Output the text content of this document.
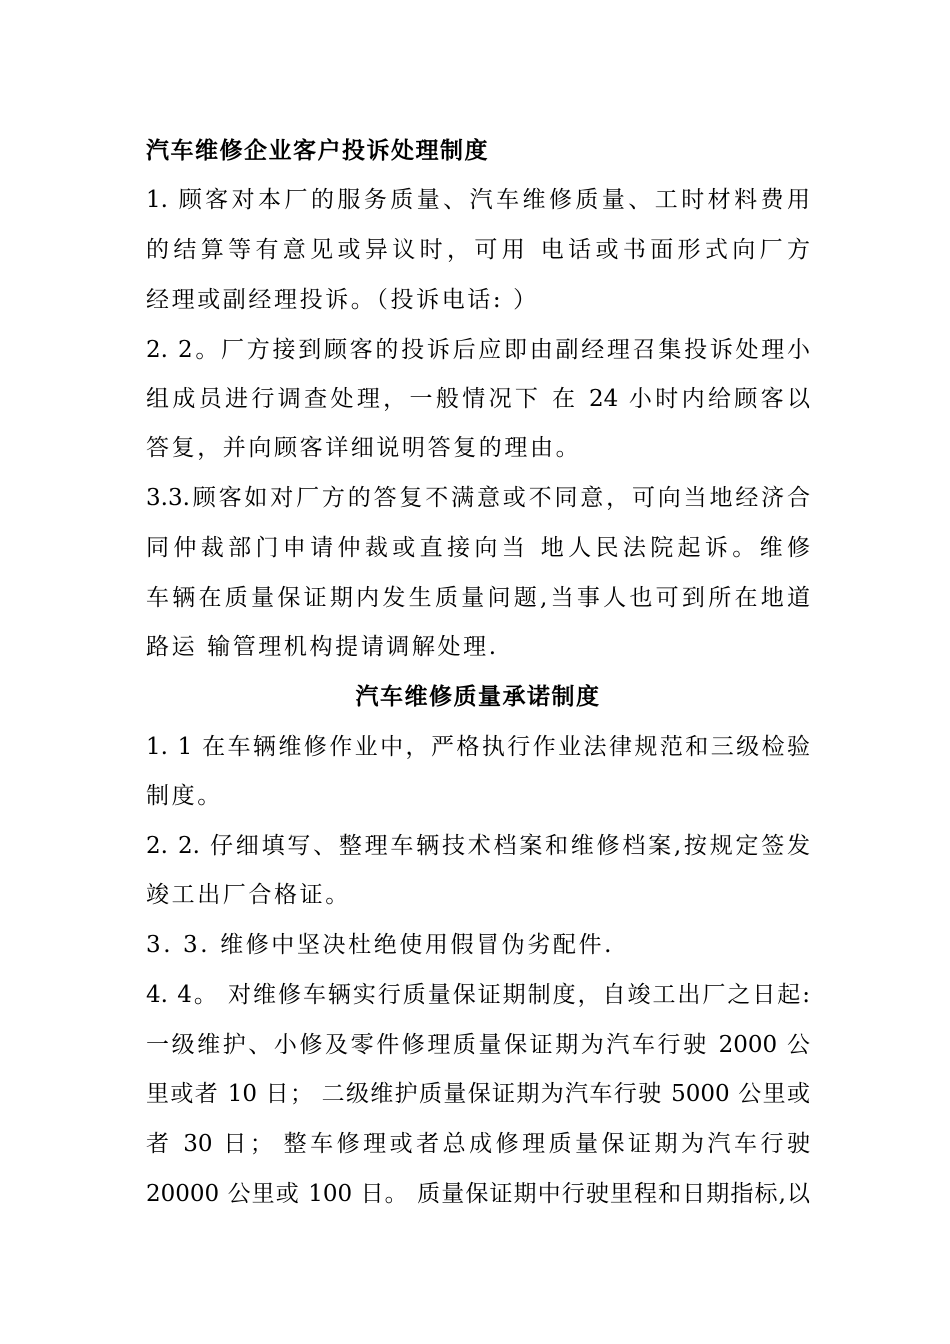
汽车维修企业客户投诉处理制度
1. 顾客对本厂的服务质量、汽车维修质量、工时材料费用
的结算等有意见或异议时，可用 电话或书面形式向厂方
经理或副经理投诉。（投诉电话: ）
2. 2。厂方接到顾客的投诉后应即由副经理召集投诉处理小
组成员进行调查处理，一般情况下 在 24 小时内给顾客以
答复，并向顾客详细说明答复的理由。
3.3.顾客如对厂方的答复不满意或不同意，可向当地经济合
同仲裁部门申请仲裁或直接向当 地人民法院起诉。维修
车辆在质量保证期内发生质量问题,当事人也可到所在地道
路运 输管理机构提请调解处理.
汽车维修质量承诺制度
1. 1 在车辆维修作业中，严格执行作业法律规范和三级检验
制度。
2. 2. 仔细填写、整理车辆技术档案和维修档案,按规定签发
竣工出厂合格证。
3. 3. 维修中坚决杜绝使用假冒伪劣配件.
4. 4。 对维修车辆实行质量保证期制度，自竣工出厂之日起:
一级维护、小修及零件修理质量保证期为汽车行驶 2000 公
里或者 10 日； 二级维护质量保证期为汽车行驶 5000 公里或
者 30 日； 整车修理或者总成修理质量保证期为汽车行驶
20000 公里或 100 日。 质量保证期中行驶里程和日期指标,以
